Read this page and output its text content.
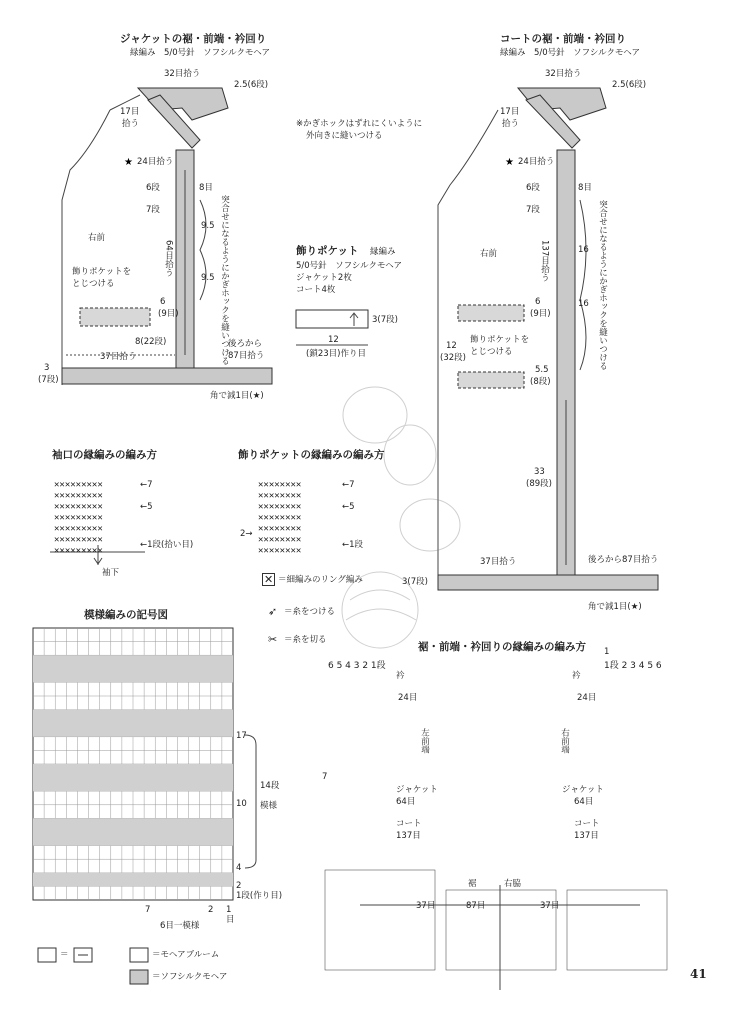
★	★
ジャケットの裾・前端・衿回り
緑編み　5/0号針　ソフシルクモヘア
32目拾う
2.5(6段)
17目
拾う
24目拾う
6段
7段
8目
9.5
9.5 突合せになるようにかぎホックを縫いつける
64目拾う
右前
飾りポケットを
とじつける
6
(9目)
8(22段)	後ろから
87目拾う
37目拾う
3
(7段)
角で減1目(★)
※かぎホックはずれにくいように
外向きに縫いつける
飾りポケット 縁編み
5/0号針　ソフシルクモヘア
ジャケット2枚
コート4枚
3(7段)
12
(鎖23目)作り目
コートの裾・前端・衿回り
緑編み　5/0号針　ソフシルクモヘア
32目拾う
2.5(6段)
17目
拾う
24目拾う
6段
7段
8目
137目拾う	16
16 突合せになるようにかぎホックを縫いつける
右前
6
(9目)
12
(32段)
飾りポケットを
とじつける
5.5
(8段)
33
(89段)
37目拾う	後ろから87目拾う
3(7段)
角で減1目(★)
袖口の縁編みの編み方
✕✕✕✕✕✕✕✕✕
✕✕✕✕✕✕✕✕✕
✕✕✕✕✕✕✕✕✕
✕✕✕✕✕✕✕✕✕
✕✕✕✕✕✕✕✕✕
✕✕✕✕✕✕✕✕✕
✕✕✕✕✕✕✕✕✕
←7
←5
←1段(拾い目)
袖下
飾りポケットの縁編みの編み方
✕✕✕✕✕✕✕✕
✕✕✕✕✕✕✕✕
✕✕✕✕✕✕✕✕
✕✕✕✕✕✕✕✕
✕✕✕✕✕✕✕✕
✕✕✕✕✕✕✕✕
✕✕✕✕✕✕✕✕
←7
←5
2→
←1段
✕ ＝細編みのリング編み
➶ ＝糸をつける
✂ ＝糸を切る
模様編みの記号図
17
10
4
2
1段(作り目)
14段
模様
7	2 1
目
6目一模様
＝	＝モヘアブルーム
＝ソフシルクモヘア
裾・前端・衿回りの縁編みの編み方
6 5 4 3 2 1段	1段 2 3 4 5 6
衿	衿
24目	24目
左前端	右前端
7
ジャケット
64目
コート
137目
ジャケット
64目
コート
137目
裾	右脇
37目	87目	37目
1
41
